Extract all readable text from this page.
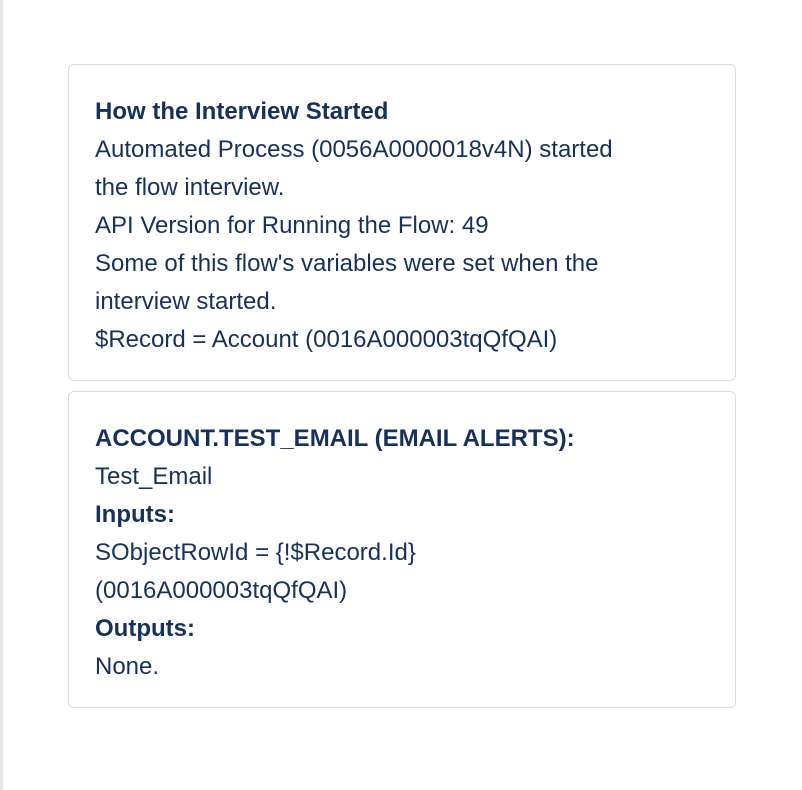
How the Interview Started
Automated Process (0056A0000018v4N) started
the flow interview.
API Version for Running the Flow: 49
Some of this flow's variables were set when the
interview started.
$Record = Account (0016A000003tqQfQAI)
ACCOUNT.TEST_EMAIL (EMAIL ALERTS):
Test_Email
Inputs:
SObjectRowId = {!$Record.Id}
(0016A000003tqQfQAI)
Outputs:
None.
